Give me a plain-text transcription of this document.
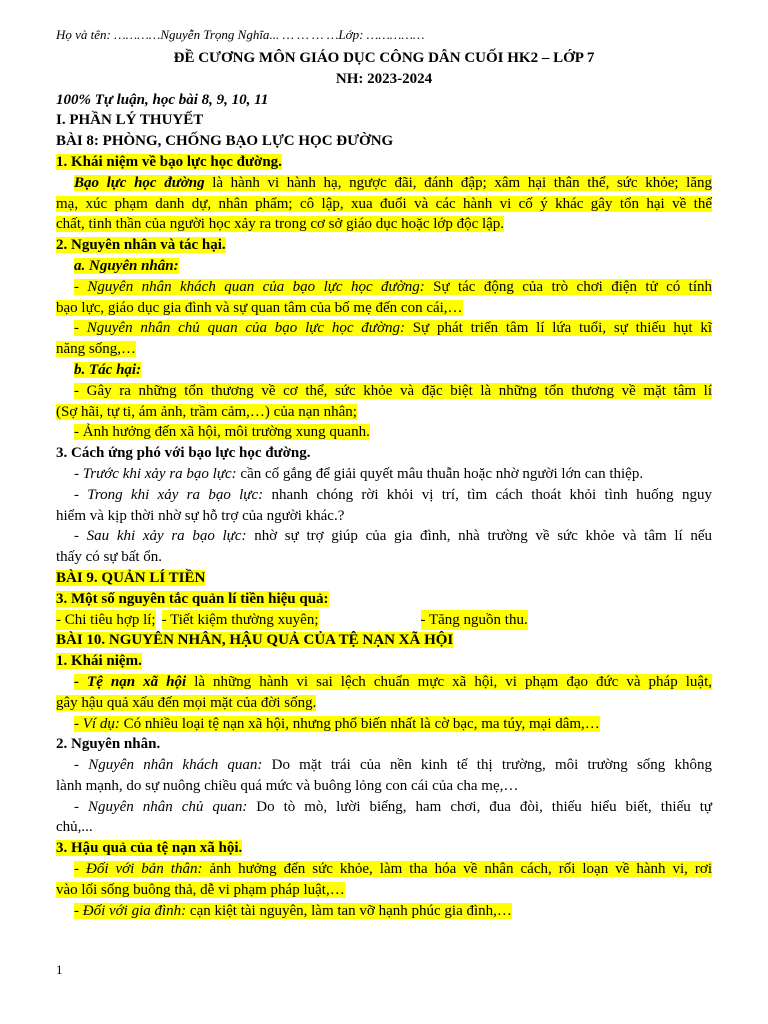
Họ và tên: …………Nguyễn Trọng Nghĩa... … … … …Lớp: ……………
ĐỀ CƯƠNG MÔN GIÁO DỤC CÔNG DÂN CUỐI HK2 – LỚP 7
NH: 2023-2024
100% Tự luận, học bài 8, 9, 10, 11
I. PHẦN LÝ THUYẾT
BÀI 8: PHÒNG, CHỐNG BẠO LỰC HỌC ĐƯỜNG
1. Khái niệm về bạo lực học đường.
Bạo lực học đường là hành vi hành hạ, ngược đãi, đánh đập; xâm hại thân thể, sức khỏe; lăng
mạ, xúc phạm danh dự, nhân phẩm; cô lập, xua đuổi và các hành vi cố ý khác gây tổn hại về thể
chất, tinh thần của người học xảy ra trong cơ sở giáo dục hoặc lớp độc lập.
2. Nguyên nhân và tác hại.
a. Nguyên nhân:
- Nguyên nhân khách quan của bạo lực học đường: Sự tác động của trò chơi điện tử có tính
bạo lực, giáo dục gia đình và sự quan tâm của bố mẹ đến con cái,…
- Nguyên nhân chủ quan của bạo lực học đường: Sự phát triển tâm lí lứa tuổi, sự thiếu hụt kĩ
năng sống,…
b. Tác hại:
- Gây ra những tổn thương về cơ thể, sức khỏe và đặc biệt là những tổn thương về mặt tâm lí
(Sợ hãi, tự ti, ám ảnh, trầm cảm,…) của nạn nhân;
- Ảnh hưởng đến xã hội, môi trường xung quanh.
3. Cách ứng phó với bạo lực học đường.
- Trước khi xảy ra bạo lực: cần cố gắng để giải quyết mâu thuẫn hoặc nhờ người lớn can thiệp.
- Trong khi xảy ra bạo lực: nhanh chóng rời khỏi vị trí, tìm cách thoát khỏi tình huống nguy
hiểm và kịp thời nhờ sự hỗ trợ của người khác.?
- Sau khi xảy ra bạo lực: nhờ sự trợ giúp của gia đình, nhà trường về sức khỏe và tâm lí nếu
thấy có sự bất ổn.
BÀI 9. QUẢN LÍ TIỀN
3. Một số nguyên tắc quản lí tiền hiệu quả:
- Chi tiêu hợp lí; - Tiết kiệm thường xuyên;	- Tăng nguồn thu.
BÀI 10. NGUYÊN NHÂN, HẬU QUẢ CỦA TỆ NẠN XÃ HỘI
1. Khái niệm.
- Tệ nạn xã hội là những hành vi sai lệch chuẩn mực xã hội, vi phạm đạo đức và pháp luật,
gây hậu quả xấu đến mọi mặt của đời sống.
- Ví dụ: Có nhiều loại tệ nạn xã hội, nhưng phổ biến nhất là cờ bạc, ma túy, mại dâm,…
2. Nguyên nhân.
- Nguyên nhân khách quan: Do mặt trái của nền kinh tế thị trường, môi trường sống không
lành mạnh, do sự nuông chiều quá mức và buông lỏng con cái của cha mẹ,…
- Nguyên nhân chủ quan: Do tò mò, lười biếng, ham chơi, đua đòi, thiếu hiểu biết, thiếu tự
chủ,...
3. Hậu quả của tệ nạn xã hội.
- Đối với bản thân: ảnh hưởng đến sức khỏe, làm tha hóa về nhân cách, rối loạn về hành vi, rơi
vào lối sống buông thả, dễ vi phạm pháp luật,…
- Đối với gia đình: cạn kiệt tài nguyên, làm tan vỡ hạnh phúc gia đình,…
1
